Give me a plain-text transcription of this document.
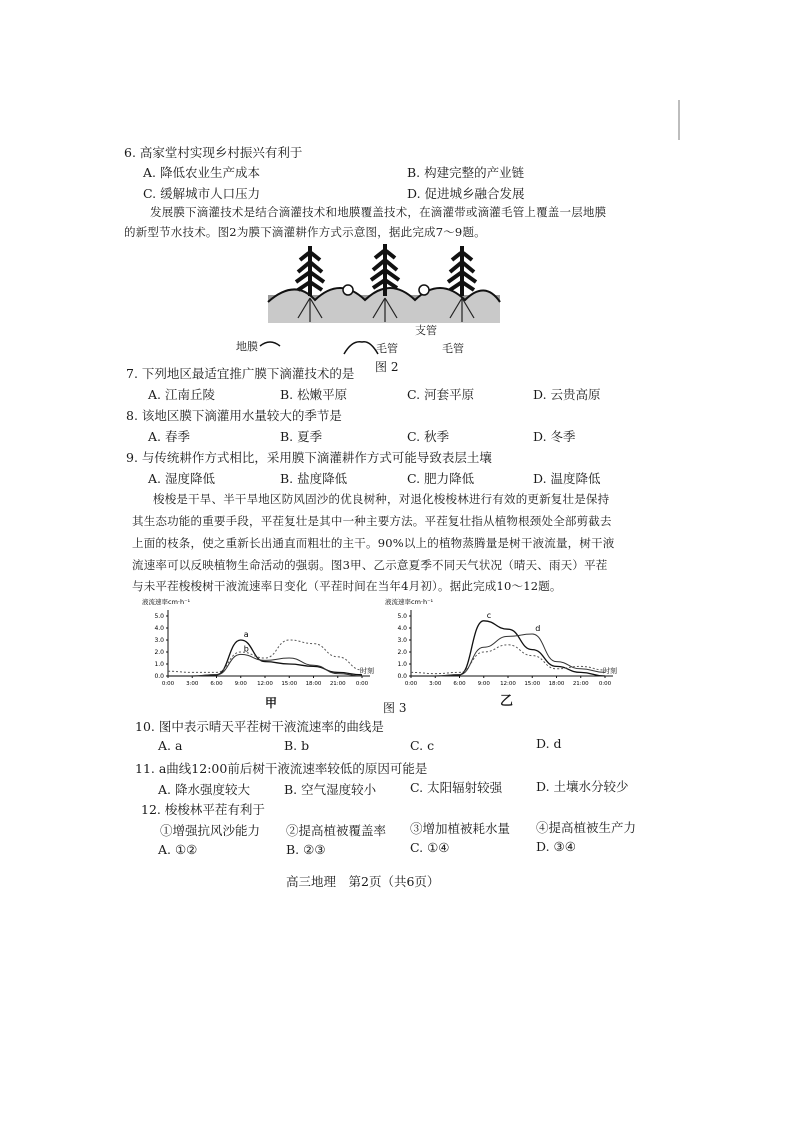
6. 高家堂村实现乡村振兴有利于
A. 降低农业生产成本	B. 构建完整的产业链
C. 缓解城市人口压力	D. 促进城乡融合发展
发展膜下滴灌技术是结合滴灌技术和地膜覆盖技术，在滴灌带或滴灌毛管上覆盖一层地膜
的新型节水技术。图2为膜下滴灌耕作方式示意图，据此完成7～9题。
地膜
支管
毛管	毛管
图 2
7. 下列地区最适宜推广膜下滴灌技术的是
A. 江南丘陵	B. 松嫩平原	C. 河套平原	D. 云贵高原
8. 该地区膜下滴灌用水量较大的季节是
A. 春季	B. 夏季	C. 秋季	D. 冬季
9. 与传统耕作方式相比，采用膜下滴灌耕作方式可能导致表层土壤
A. 湿度降低	B. 盐度降低	C. 肥力降低	D. 温度降低
梭梭是干旱、半干旱地区防风固沙的优良树种，对退化梭梭林进行有效的更新复壮是保持
其生态功能的重要手段，平茬复壮是其中一种主要方法。平茬复壮指从植物根颈处全部剪截去
上面的枝条，使之重新长出通直而粗壮的主干。90%以上的植物蒸腾量是树干液流量，树干液
流速率可以反映植物生命活动的强弱。图3甲、乙示意夏季不同天气状况（晴天、雨天）平茬
与未平茬梭梭树干液流速率日变化（平茬时间在当年4月初）。据此完成10～12题。
液流速率cm·h⁻¹
0.0
1.0
2.0
3.0
4.0
5.0
0:00 3:00 6:00 9:00 12:00 15:00 18:00 21:00 0:00
时刻
a
b
液流速率cm·h⁻¹
0.0
1.0
2.0
3.0
4.0
5.0
0:00 3:00 6:00 9:00 12:00 15:00 18:00 21:00 0:00
时刻
c
d
甲	乙
图 3
10. 图中表示晴天平茬树干液流速率的曲线是
A. a	B. b	C. c	D. d
11. a曲线12:00前后树干液流速率较低的原因可能是
A. 降水强度较大	B. 空气湿度较小	C. 太阳辐射较强	D. 土壤水分较少
12. 梭梭林平茬有利于
①增强抗风沙能力 ②提高植被覆盖率 ③增加植被耗水量 ④提高植被生产力
A. ①②	B. ②③	C. ①④	D. ③④
高三地理　第2页（共6页）
